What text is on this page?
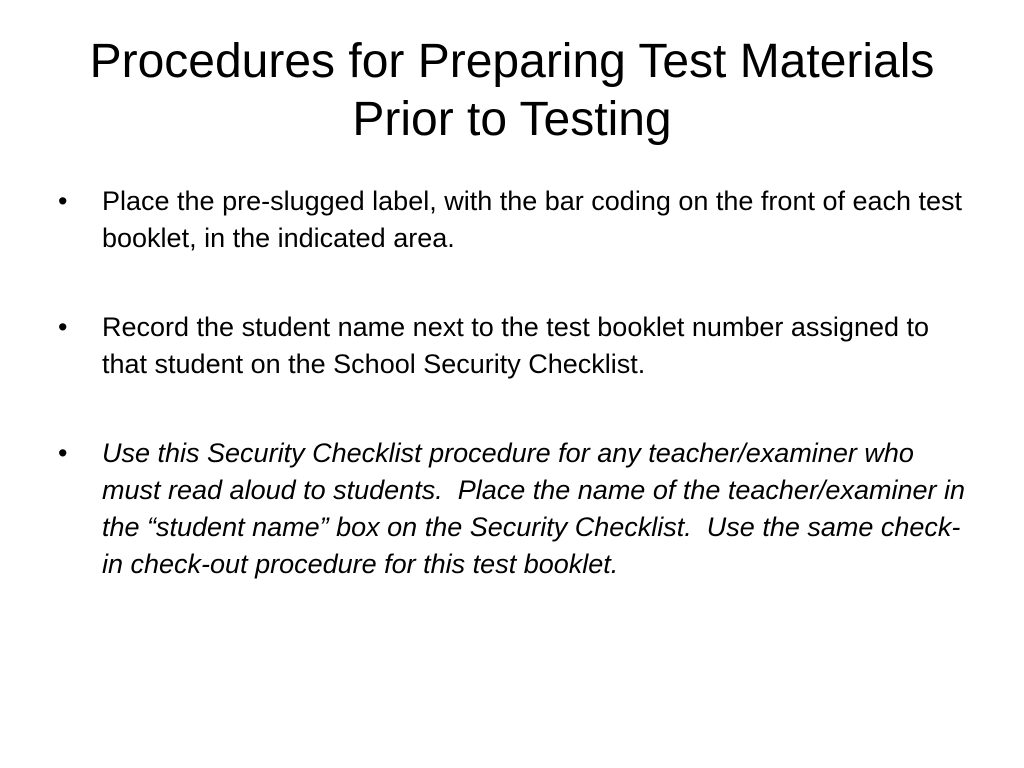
Procedures for Preparing Test Materials Prior to Testing
•	Place the pre-slugged label, with the bar coding on the front of each test booklet, in the indicated area.
•	Record the student name next to the test booklet number assigned to that student on the School Security Checklist.
•	Use this Security Checklist procedure for any teacher/examiner who must read aloud to students.  Place the name of the teacher/examiner in the “student name” box on the Security Checklist.  Use the same check-in check-out procedure for this test booklet.
